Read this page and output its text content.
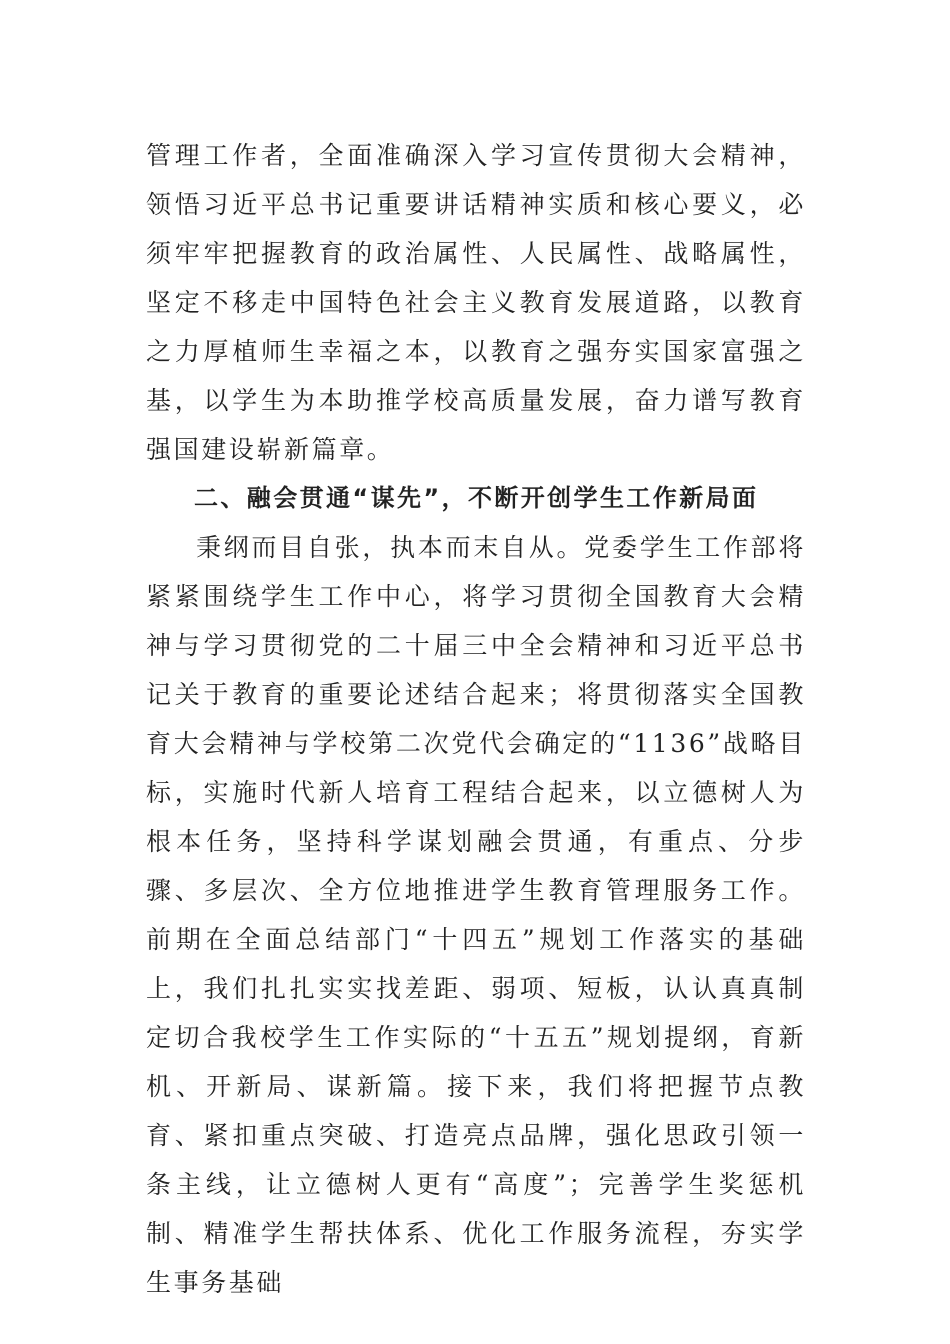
管理工作者，全面准确深入学习宣传贯彻大会精神，领悟习近平总书记重要讲话精神实质和核心要义，必须牢牢把握教育的政治属性、人民属性、战略属性，坚定不移走中国特色社会主义教育发展道路，以教育之力厚植师生幸福之本，以教育之强夯实国家富强之基，以学生为本助推学校高质量发展，奋力谱写教育强国建设崭新篇章。

二、融会贯通“谋先”，不断开创学生工作新局面

秉纲而目自张，执本而末自从。党委学生工作部将紧紧围绕学生工作中心，将学习贯彻全国教育大会精神与学习贯彻党的二十届三中全会精神和习近平总书记关于教育的重要论述结合起来；将贯彻落实全国教育大会精神与学校第二次党代会确定的“1136”战略目标，实施时代新人培育工程结合起来，以立德树人为根本任务，坚持科学谋划融会贯通，有重点、分步骤、多层次、全方位地推进学生教育管理服务工作。前期在全面总结部门“十四五”规划工作落实的基础上，我们扎扎实实找差距、弱项、短板，认认真真制定切合我校学生工作实际的“十五五”规划提纲，育新机、开新局、谋新篇。接下来，我们将把握节点教育、紧扣重点突破、打造亮点品牌，强化思政引领一条主线，让立德树人更有“高度”；完善学生奖惩机制、精准学生帮扶体系、优化工作服务流程，夯实学生事务基础
